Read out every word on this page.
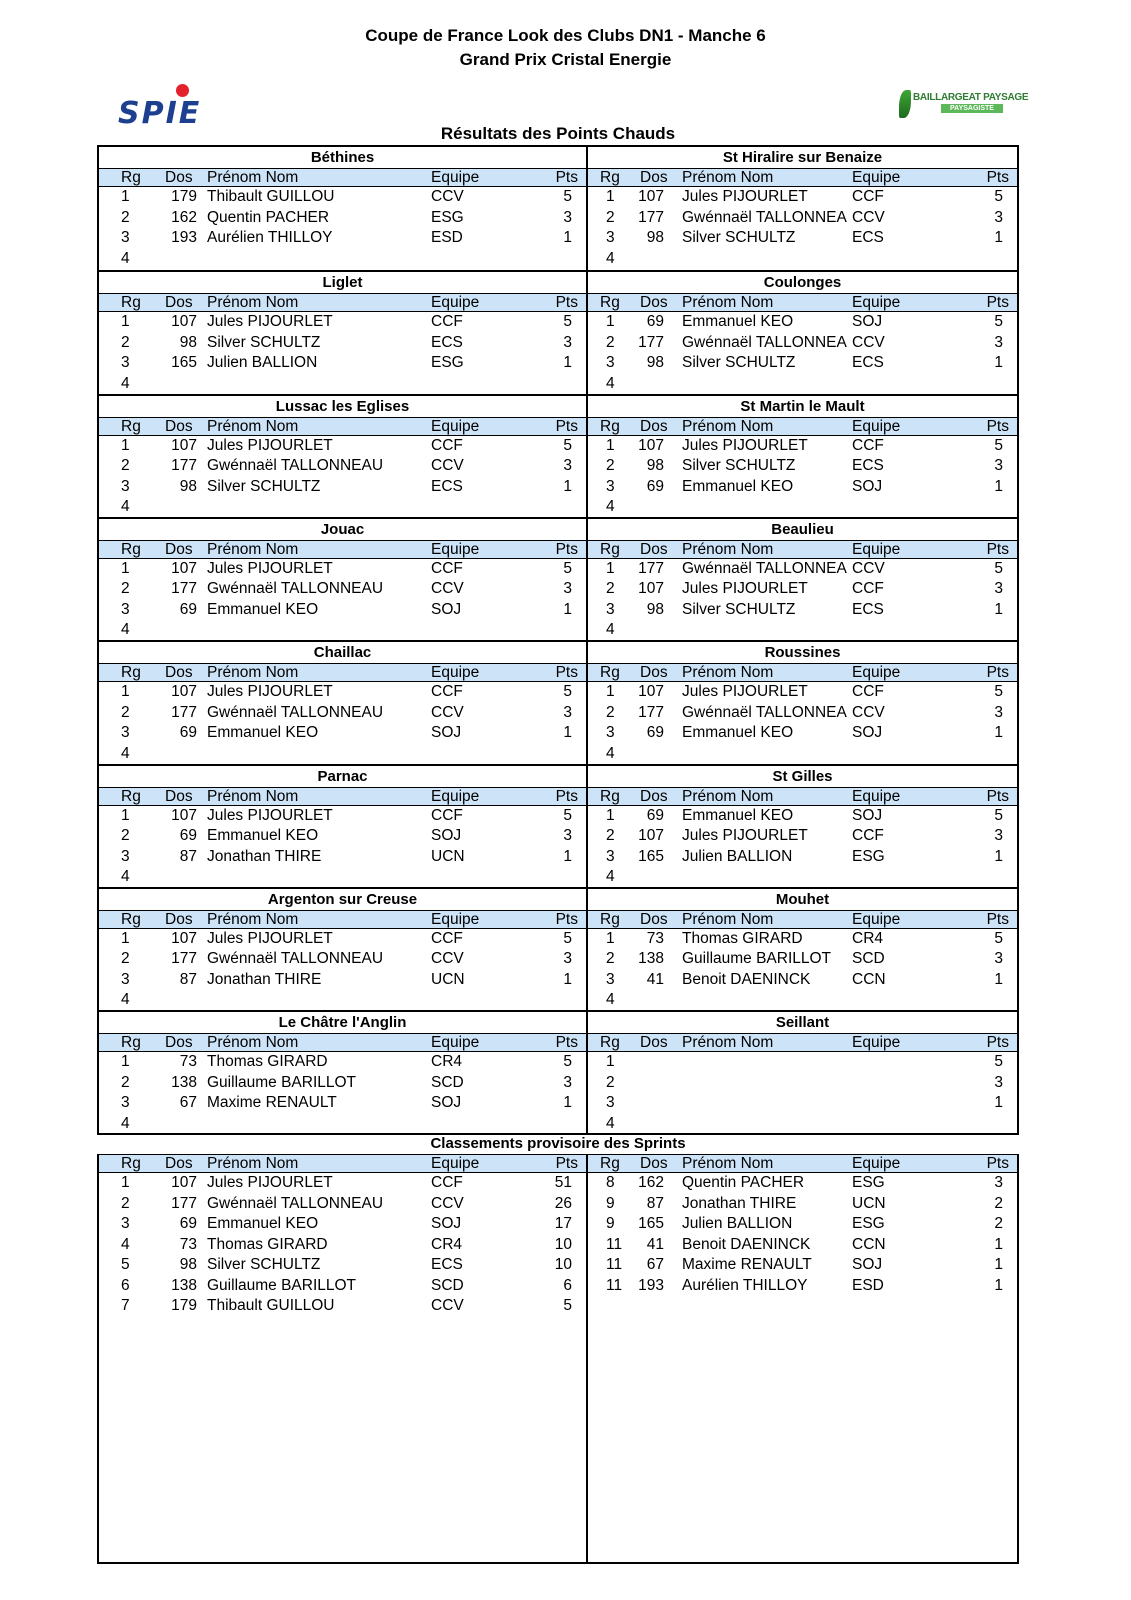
Coupe de France Look des Clubs DN1 - Manche 6
Grand Prix Cristal Energie
SPIE	BAILLARGEAT PAYSAGE
PAYSAGISTE
Résultats des Points Chauds
Béthines
Rg Dos Prénom Nom	Equipe	Pts
1	179 Thibault GUILLOU	CCV	5
2	162 Quentin PACHER	ESG	3
3	193 Aurélien THILLOY	ESD	1
4
St Hiralire sur Benaize
Rg Dos Prénom Nom	Equipe	Pts
1	107 Jules PIJOURLET	CCF	5
2	177 Gwénnaël TALLONNEA CCV	3
3	98 Silver SCHULTZ	ECS	1
4
Liglet
Rg Dos Prénom Nom	Equipe	Pts
1	107 Jules PIJOURLET	CCF	5
2	98 Silver SCHULTZ	ECS	3
3	165 Julien BALLION	ESG	1
4
Coulonges
Rg Dos Prénom Nom	Equipe	Pts
1	69 Emmanuel KEO	SOJ	5
2	177 Gwénnaël TALLONNEA CCV	3
3	98 Silver SCHULTZ	ECS	1
4
Lussac les Eglises
Rg Dos Prénom Nom	Equipe	Pts
1	107 Jules PIJOURLET	CCF	5
2	177 Gwénnaël TALLONNEAU	CCV	3
3	98 Silver SCHULTZ	ECS	1
4
St Martin le Mault
Rg Dos Prénom Nom	Equipe	Pts
1	107 Jules PIJOURLET	CCF	5
2	98 Silver SCHULTZ	ECS	3
3	69 Emmanuel KEO	SOJ	1
4
Jouac
Rg Dos Prénom Nom	Equipe	Pts
1	107 Jules PIJOURLET	CCF	5
2	177 Gwénnaël TALLONNEAU	CCV	3
3	69 Emmanuel KEO	SOJ	1
4
Beaulieu
Rg Dos Prénom Nom	Equipe	Pts
1	177 Gwénnaël TALLONNEA CCV	5
2	107 Jules PIJOURLET	CCF	3
3	98 Silver SCHULTZ	ECS	1
4
Chaillac
Rg Dos Prénom Nom	Equipe	Pts
1	107 Jules PIJOURLET	CCF	5
2	177 Gwénnaël TALLONNEAU	CCV	3
3	69 Emmanuel KEO	SOJ	1
4
Roussines
Rg Dos Prénom Nom	Equipe	Pts
1	107 Jules PIJOURLET	CCF	5
2	177 Gwénnaël TALLONNEA CCV	3
3	69 Emmanuel KEO	SOJ	1
4
Parnac
Rg Dos Prénom Nom	Equipe	Pts
1	107 Jules PIJOURLET	CCF	5
2	69 Emmanuel KEO	SOJ	3
3	87 Jonathan THIRE	UCN	1
4
St Gilles
Rg Dos Prénom Nom	Equipe	Pts
1	69 Emmanuel KEO	SOJ	5
2	107 Jules PIJOURLET	CCF	3
3	165 Julien BALLION	ESG	1
4
Argenton sur Creuse
Rg Dos Prénom Nom	Equipe	Pts
1	107 Jules PIJOURLET	CCF	5
2	177 Gwénnaël TALLONNEAU	CCV	3
3	87 Jonathan THIRE	UCN	1
4
Mouhet
Rg Dos Prénom Nom	Equipe	Pts
1	73 Thomas GIRARD	CR4	5
2	138 Guillaume BARILLOT SCD	3
3	41 Benoit DAENINCK	CCN	1
4
Le Châtre l'Anglin
Rg Dos Prénom Nom	Equipe	Pts
1	73 Thomas GIRARD	CR4	5
2	138 Guillaume BARILLOT	SCD	3
3	67 Maxime RENAULT	SOJ	1
4
Seillant
Rg Dos Prénom Nom	Equipe	Pts
1	5
2	3
3	1
4
Classements provisoire des Sprints
Rg Dos Prénom Nom	Equipe	Pts
1	107 Jules PIJOURLET	CCF	51
2	177 Gwénnaël TALLONNEAU	CCV	26
3	69 Emmanuel KEO	SOJ	17
4	73 Thomas GIRARD	CR4	10
5	98 Silver SCHULTZ	ECS	10
6	138 Guillaume BARILLOT	SCD	6
7	179 Thibault GUILLOU	CCV	5
Rg Dos Prénom Nom	Equipe	Pts
8	162 Quentin PACHER	ESG	3
9	87 Jonathan THIRE	UCN	2
9	165 Julien BALLION	ESG	2
11	41 Benoit DAENINCK	CCN	1
11	67 Maxime RENAULT	SOJ	1
11	193 Aurélien THILLOY	ESD	1
